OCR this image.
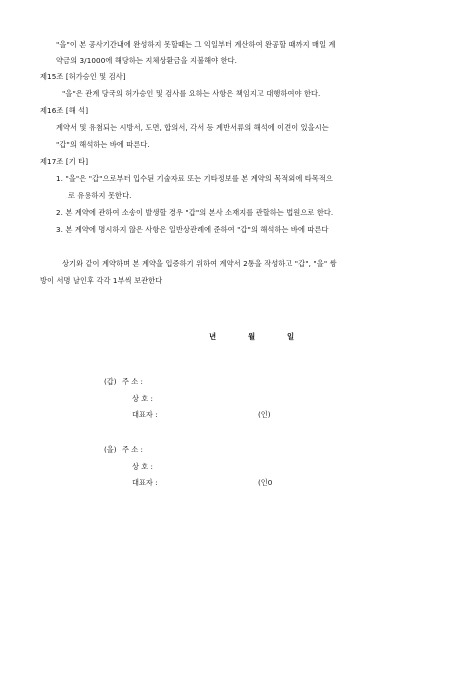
"을"이 본 공사기간내에 완성하지 못할때는 그 익일부터 계산하여 완공할 때까지 매일 계
약금의 3/1000에 해당하는 지체상환금을 지불해야 한다.
제15조 [허가승인 및 검사]
"을"은 관계 당국의 허가승인 및 검사를 요하는 사항은 책임지고 대행하여야 한다.
제16조 [해 석]
계약서 및 유첨되는 시방서, 도면, 합의서, 각서 등 계반서류의 해석에 이견이 있을시는
"갑"의 해석하는 바에 따른다.
제17조 [기 타]
1. "을"은 "갑"으로부터 입수된 기술자료 또는 기타정보를 본 계약의 목적외에 타목적으
로 유용하지 못한다.
2. 본 계약에 관하여 소송이 발생할 경우 "갑"의 본사 소재지를 관할하는 법원으로 한다.
3. 본 계약에 명시하지 않은 사항은 일반상관례에 준하여 "갑"의 해석하는 바에 따른다
상기와 같이 계약하며 본 계약을 입증하기 위하여 계약서 2통을 작성하고 "갑", "을" 쌍
방이 서명 날인후 각각 1부씩 보관한다
년	월	일
(갑) 주 소 :
상 호 :
대표자 :	(인)
(을) 주 소 :
상 호 :
대표자 :	(인0
